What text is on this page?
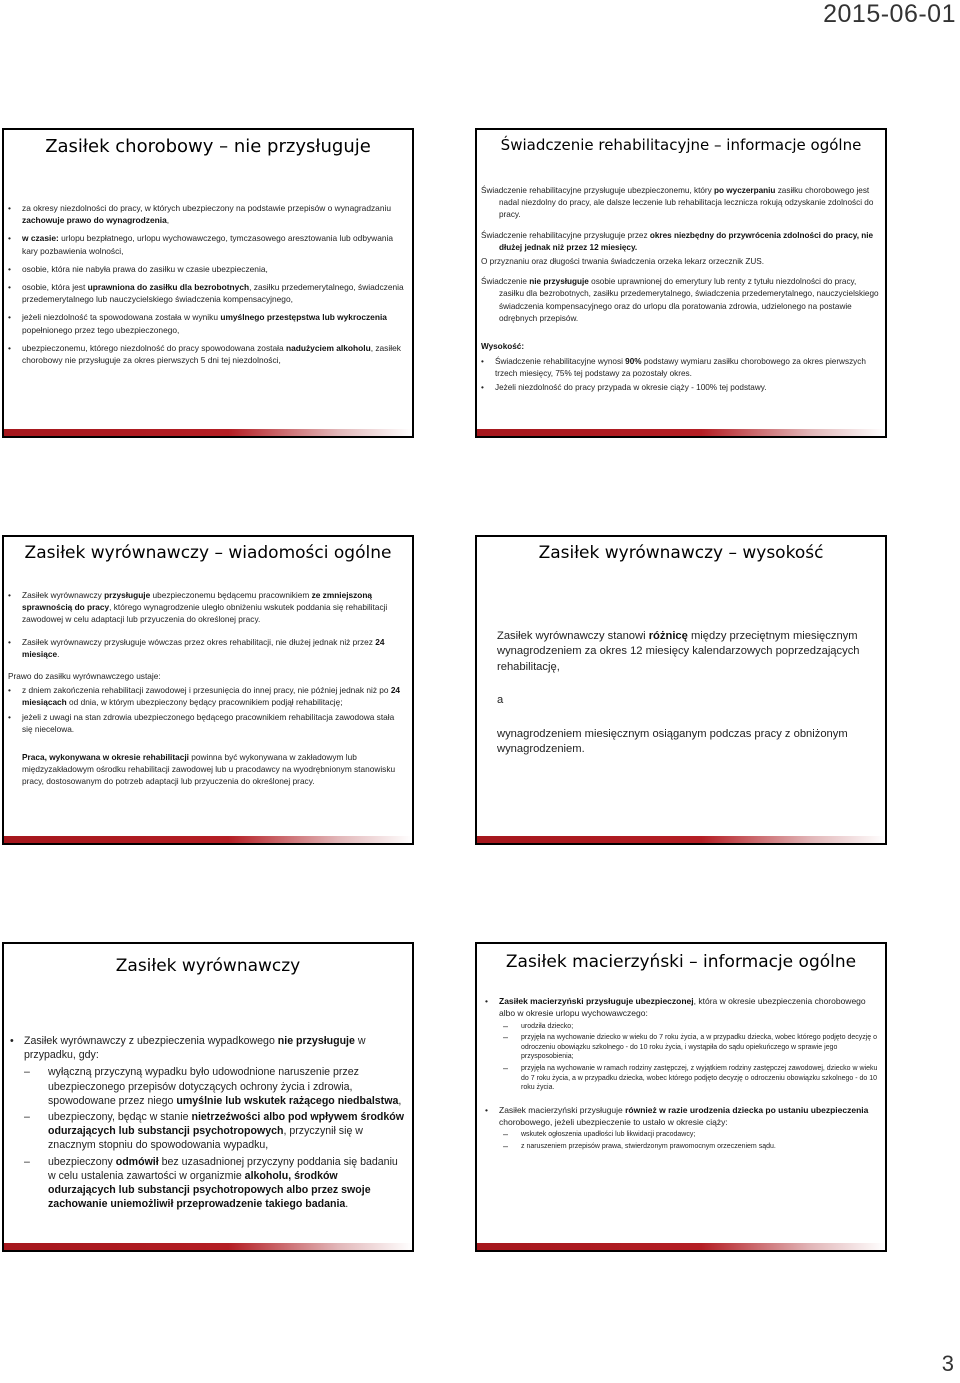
2015-06-01
Zasiłek chorobowy – nie przysługuje
• za okresy niezdolności do pracy, w których ubezpieczony na podstawie przepisów o wynagradzaniu zachowuje prawo do wynagrodzenia,
• w czasie: urlopu bezpłatnego, urlopu wychowawczego, tymczasowego aresztowania lub odbywania kary pozbawienia wolności,
• osobie, która nie nabyła prawa do zasiłku w czasie ubezpieczenia,
• osobie, która jest uprawniona do zasiłku dla bezrobotnych, zasiłku przedemerytalnego, świadczenia przedemerytalnego lub nauczycielskiego świadczenia kompensacyjnego,
• jeżeli niezdolność ta spowodowana została w wyniku umyślnego przestępstwa lub wykroczenia popełnionego przez tego ubezpieczonego,
• ubezpieczonemu, którego niezdolność do pracy spowodowana została nadużyciem alkoholu, zasiłek chorobowy nie przysługuje za okres pierwszych 5 dni tej niezdolności,
Świadczenie rehabilitacyjne – informacje ogólne

Świadczenie rehabilitacyjne przysługuje ubezpieczonemu, który po wyczerpaniu zasiłku chorobowego jest nadal niezdolny do pracy, ale dalsze leczenie lub rehabilitacja lecznicza rokują odzyskanie zdolności do pracy.

Świadczenie rehabilitacyjne przysługuje przez okres niezbędny do przywrócenia zdolności do pracy, nie dłużej jednak niż przez 12 miesięcy.

O przyznaniu oraz długości trwania świadczenia orzeka lekarz orzecznik ZUS.

Świadczenie nie przysługuje osobie uprawnionej do emerytury lub renty z tytułu niezdolności do pracy, zasiłku dla bezrobotnych, zasiłku przedemerytalnego, świadczenia przedemerytalnego, nauczycielskiego świadczenia kompensacyjnego oraz do urlopu dla poratowania zdrowia, udzielonego na postawie odrębnych przepisów.

Wysokość:
• Świadczenie rehabilitacyjne wynosi 90% podstawy wymiaru zasiłku chorobowego za okres pierwszych trzech miesięcy, 75% tej podstawy za pozostały okres.
• Jeżeli niezdolność do pracy przypada w okresie ciąży - 100% tej podstawy.
Zasiłek wyrównawczy – wiadomości ogólne
• Zasiłek wyrównawczy przysługuje ubezpieczonemu będącemu pracownikiem ze zmniejszoną sprawnością do pracy, którego wynagrodzenie uległo obniżeniu wskutek poddania się rehabilitacji zawodowej w celu adaptacji lub przyuczenia do określonej pracy.
• Zasiłek wyrównawczy przysługuje wówczas przez okres rehabilitacji, nie dłużej jednak niż przez 24 miesiące.
Prawo do zasiłku wyrównawczego ustaje:
• z dniem zakończenia rehabilitacji zawodowej i przesunięcia do innej pracy, nie później jednak niż po 24 miesiącach od dnia, w którym ubezpieczony będący pracownikiem podjął rehabilitację;
• jeżeli z uwagi na stan zdrowia ubezpieczonego będącego pracownikiem rehabilitacja zawodowa stała się niecelowa.

Praca, wykonywana w okresie rehabilitacji powinna być wykonywana w zakładowym lub międzyzakładowym ośrodku rehabilitacji zawodowej lub u pracodawcy na wyodrębnionym stanowisku pracy, dostosowanym do potrzeb adaptacji lub przyuczenia do określonej pracy.

Zasiłek wyrównawczy – wysokość

Zasiłek wyrównawczy stanowi różnicę między przeciętnym miesięcznym wynagrodzeniem za okres 12 miesięcy kalendarzowych poprzedzających rehabilitację,

a

wynagrodzeniem miesięcznym osiąganym podczas pracy z obniżonym wynagrodzeniem.

Zasiłek wyrównawczy
• Zasiłek wyrównawczy z ubezpieczenia wypadkowego nie przysługuje w przypadku, gdy:
– wyłączną przyczyną wypadku było udowodnione naruszenie przez ubezpieczonego przepisów dotyczących ochrony życia i zdrowia, spowodowane przez niego umyślnie lub wskutek rażącego niedbalstwa,
– ubezpieczony, będąc w stanie nietrzeźwości albo pod wpływem środków odurzających lub substancji psychotropowych, przyczynił się w znacznym stopniu do spowodowania wypadku,
– ubezpieczony odmówił bez uzasadnionej przyczyny poddania się badaniu w celu ustalenia zawartości w organizmie alkoholu, środków odurzających lub substancji psychotropowych albo przez swoje zachowanie uniemożliwił przeprowadzenie takiego badania.
Zasiłek macierzyński – informacje ogólne
• Zasiłek macierzyński przysługuje ubezpieczonej, która w okresie ubezpieczenia chorobowego albo w okresie urlopu wychowawczego:
– urodziła dziecko;
– przyjęła na wychowanie dziecko w wieku do 7 roku życia, a w przypadku dziecka, wobec którego podjęto decyzję o odroczeniu obowiązku szkolnego - do 10 roku życia, i wystąpiła do sądu opiekuńczego w sprawie jego przysposobienia;
– przyjęła na wychowanie w ramach rodziny zastępczej, z wyjątkiem rodziny zastępczej zawodowej, dziecko w wieku do 7 roku życia, a w przypadku dziecka, wobec którego podjęto decyzję o odroczeniu obowiązku szkolnego - do 10 roku życia.
• Zasiłek macierzyński przysługuje również w razie urodzenia dziecka po ustaniu ubezpieczenia chorobowego, jeżeli ubezpieczenie to ustało w okresie ciąży:
– wskutek ogłoszenia upadłości lub likwidacji pracodawcy;
– z naruszeniem przepisów prawa, stwierdzonym prawomocnym orzeczeniem sądu.
3
